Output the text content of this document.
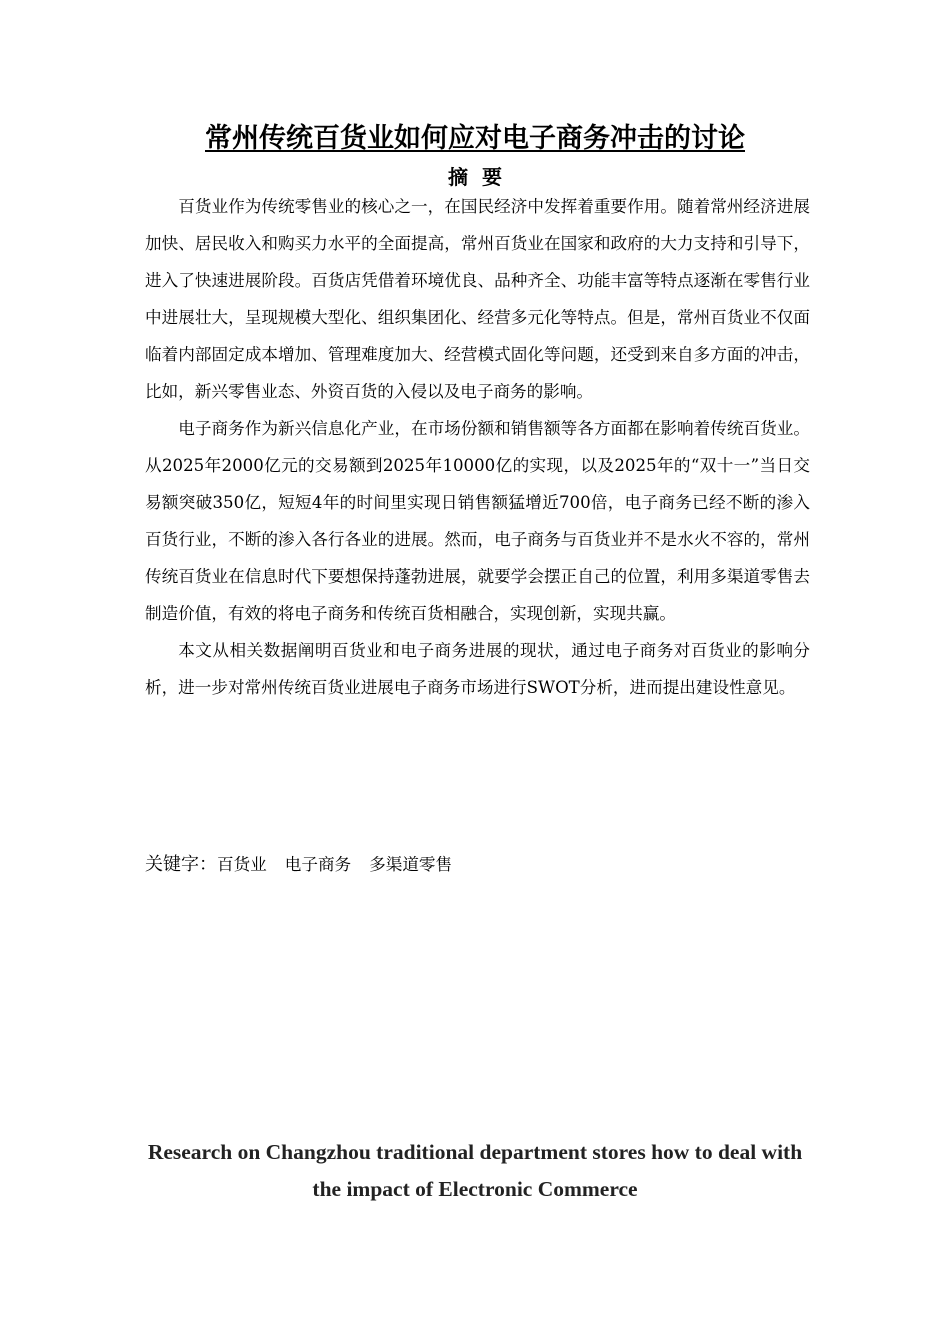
常州传统百货业如何应对电子商务冲击的讨论
摘要

百货业作为传统零售业的核心之一，在国民经济中发挥着重要作用。随着常州经济进展加快、居民收入和购买力水平的全面提高，常州百货业在国家和政府的大力支持和引导下，进入了快速进展阶段。百货店凭借着环境优良、品种齐全、功能丰富等特点逐渐在零售行业中进展壮大，呈现规模大型化、组织集团化、经营多元化等特点。但是，常州百货业不仅面临着内部固定成本增加、管理难度加大、经营模式固化等问题，还受到来自多方面的冲击，比如，新兴零售业态、外资百货的入侵以及电子商务的影响。

电子商务作为新兴信息化产业，在市场份额和销售额等各方面都在影响着传统百货业。从2025年2000亿元的交易额到2025年10000亿的实现，以及2025年的“双十一”当日交易额突破350亿，短短4年的时间里实现日销售额猛增近700倍，电子商务已经不断的渗入百货行业，不断的渗入各行各业的进展。然而，电子商务与百货业并不是水火不容的，常州传统百货业在信息时代下要想保持蓬勃进展，就要学会摆正自己的位置，利用多渠道零售去制造价值，有效的将电子商务和传统百货相融合，实现创新，实现共赢。

本文从相关数据阐明百货业和电子商务进展的现状，通过电子商务对百货业的影响分析，进一步对常州传统百货业进展电子商务市场进行SWOT分析，进而提出建设性意见。

关键字：百货业 电子商务 多渠道零售
Research on Changzhou traditional department stores how to deal with the impact of Electronic Commerce
